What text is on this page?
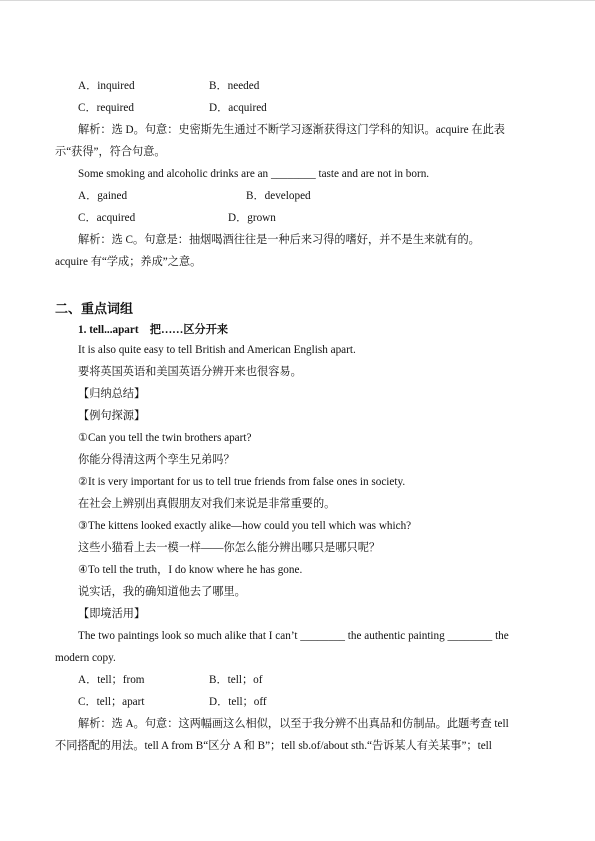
A．inquired	B．needed
C．required	D．acquired
解析：选 D。句意：史密斯先生通过不断学习逐渐获得这门学科的知识。acquire 在此表
示“获得”，符合句意。
Some smoking and alcoholic drinks are an ________ taste and are not in born.
A．gained	B．developed
C．acquired	D．grown
解析：选 C。句意是：抽烟喝酒往往是一种后来习得的嗜好，并不是生来就有的。
acquire 有“学成；养成”之意。
二、重点词组
1. tell...apart　把……区分开来
It is also quite easy to tell British and American English apart.
要将英国英语和美国英语分辨开来也很容易。
【归纳总结】
【例句探源】
①Can you tell the twin brothers apart?
你能分得清这两个孪生兄弟吗？
②It is very important for us to tell true friends from false ones in society.
在社会上辨别出真假朋友对我们来说是非常重要的。
③The kittens looked exactly alike—how could you tell which was which?
这些小猫看上去一模一样——你怎么能分辨出哪只是哪只呢？
④To tell the truth，I do know where he has gone.
说实话，我的确知道他去了哪里。
【即境活用】
The two paintings look so much alike that I can’t ________ the authentic painting ________ the
modern copy.
A．tell；from	B．tell；of
C．tell；apart	D．tell；off
解析：选 A。句意：这两幅画这么相似，以至于我分辨不出真品和仿制品。此题考查 tell
不同搭配的用法。tell A from B“区分 A 和 B”；tell sb.of/about sth.“告诉某人有关某事”；tell
